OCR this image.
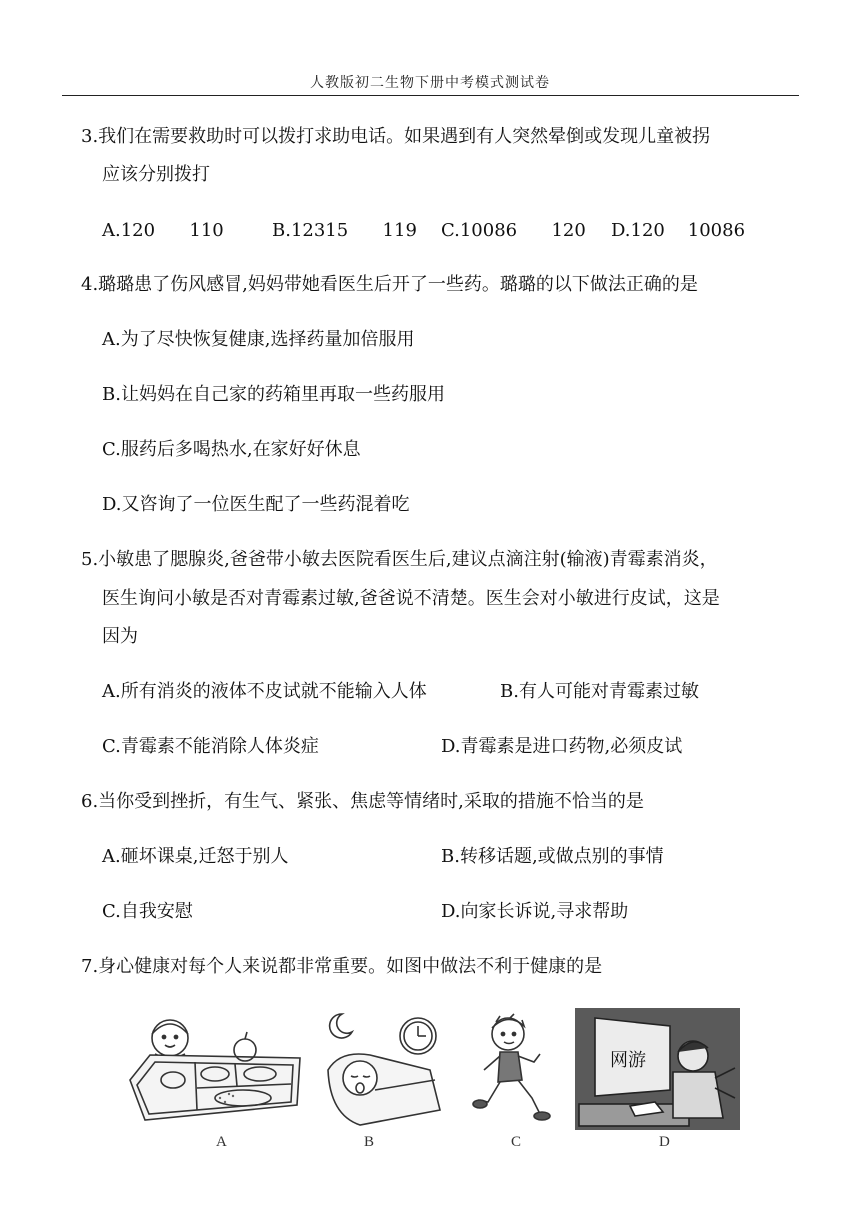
人教版初二生物下册中考模式测试卷
3.我们在需要救助时可以拨打求助电话。如果遇到有人突然晕倒或发现儿童被拐
应该分别拨打
A.120      110	B.12315      119 C.10086      120 D.120    10086
4.璐璐患了伤风感冒,妈妈带她看医生后开了一些药。璐璐的以下做法正确的是
A.为了尽快恢复健康,选择药量加倍服用
B.让妈妈在自己家的药箱里再取一些药服用
C.服药后多喝热水,在家好好休息
D.又咨询了一位医生配了一些药混着吃
5.小敏患了腮腺炎,爸爸带小敏去医院看医生后,建议点滴注射(输液)青霉素消炎，
医生询问小敏是否对青霉素过敏,爸爸说不清楚。医生会对小敏进行皮试，这是
因为
A.所有消炎的液体不皮试就不能输入人体	B.有人可能对青霉素过敏
C.青霉素不能消除人体炎症	D.青霉素是进口药物,必须皮试
6.当你受到挫折，有生气、紧张、焦虑等情绪时,采取的措施不恰当的是
A.砸坏课桌,迁怒于别人	B.转移话题,或做点别的事情
C.自我安慰	D.向家长诉说,寻求帮助
7.身心健康对每个人来说都非常重要。如图中做法不利于健康的是
A	B	C
网游
D
